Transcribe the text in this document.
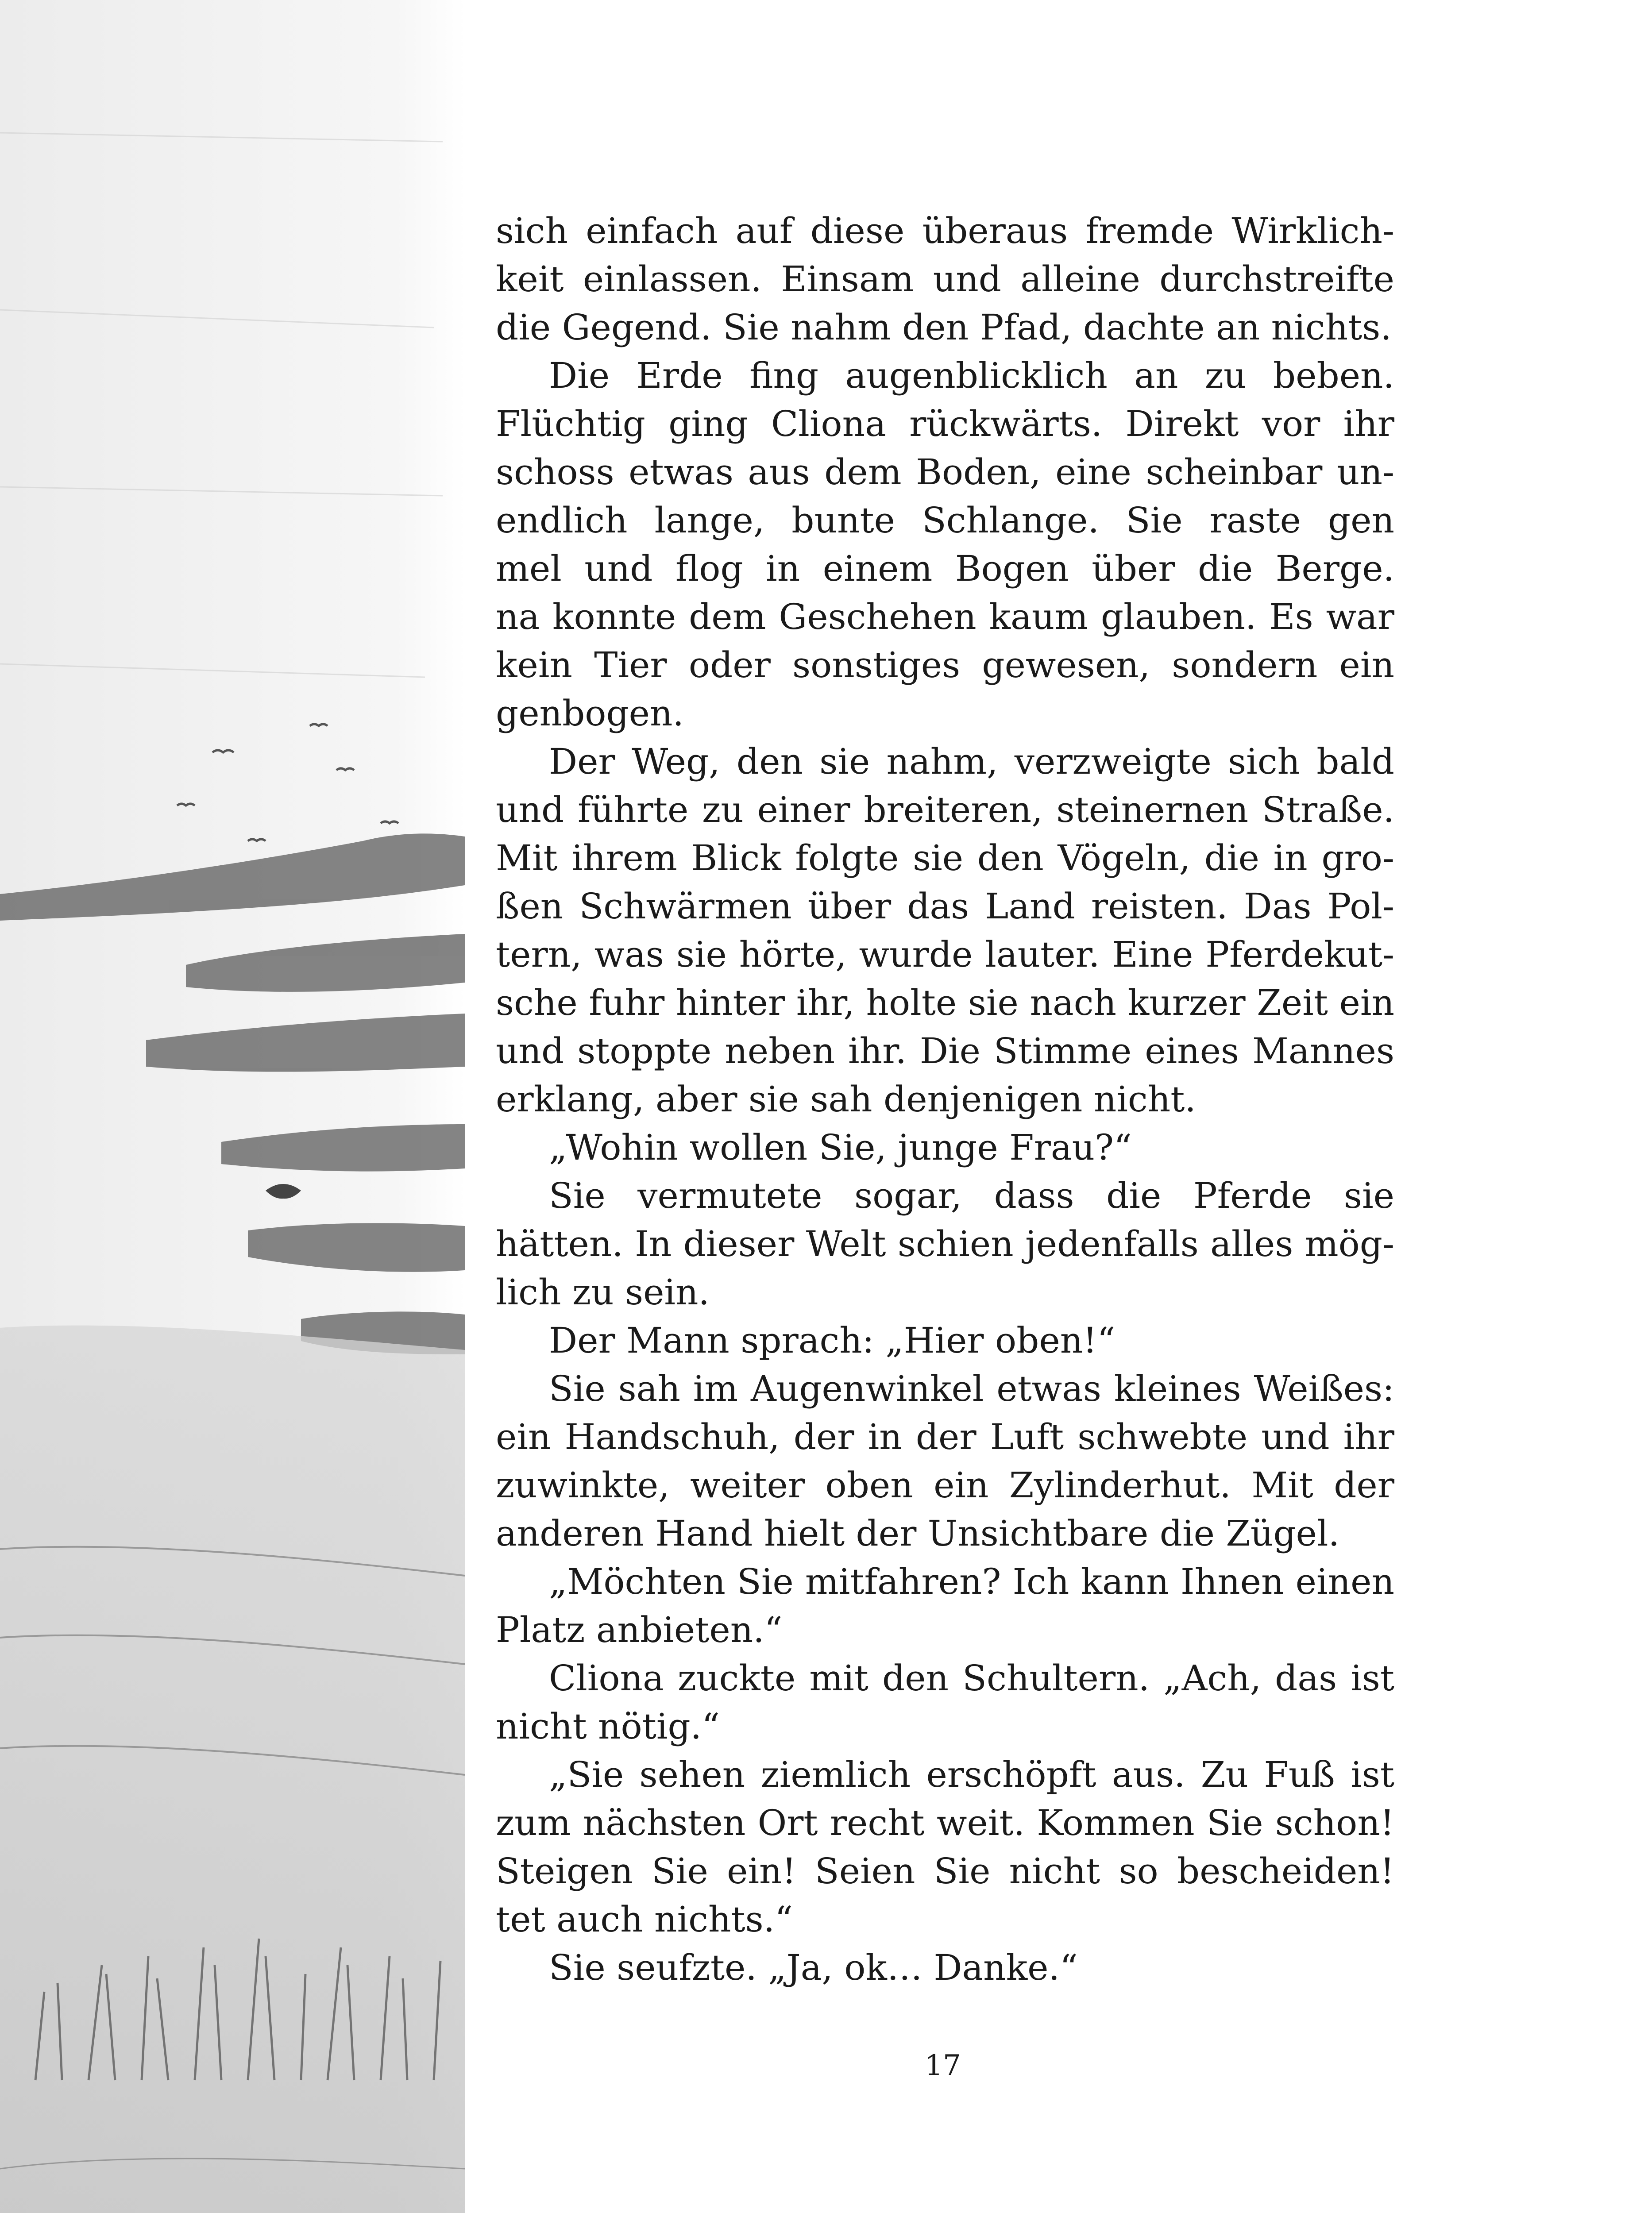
sich einfach auf diese überaus fremde Wirklich-
keit einlassen. Einsam und alleine durchstreifte
die Gegend. Sie nahm den Pfad, dachte an nichts.
Die Erde fing augenblicklich an zu beben.
Flüchtig ging Cliona rückwärts. Direkt vor ihr
schoss etwas aus dem Boden, eine scheinbar un-
endlich lange, bunte Schlange. Sie raste gen
mel und flog in einem Bogen über die Berge.
na konnte dem Geschehen kaum glauben. Es war
kein Tier oder sonstiges gewesen, sondern ein
genbogen.
Der Weg, den sie nahm, verzweigte sich bald
und führte zu einer breiteren, steinernen Straße.
Mit ihrem Blick folgte sie den Vögeln, die in gro-
ßen Schwärmen über das Land reisten. Das Pol-
tern, was sie hörte, wurde lauter. Eine Pferdekut-
sche fuhr hinter ihr, holte sie nach kurzer Zeit ein
und stoppte neben ihr. Die Stimme eines Mannes
erklang, aber sie sah denjenigen nicht.
„Wohin wollen Sie, junge Frau?“
Sie vermutete sogar, dass die Pferde sie
hätten. In dieser Welt schien jedenfalls alles mög-
lich zu sein.
Der Mann sprach: „Hier oben!“
Sie sah im Augenwinkel etwas kleines Weißes:
ein Handschuh, der in der Luft schwebte und ihr
zuwinkte, weiter oben ein Zylinderhut. Mit der
anderen Hand hielt der Unsichtbare die Zügel.
„Möchten Sie mitfahren? Ich kann Ihnen einen
Platz anbieten.“
Cliona zuckte mit den Schultern. „Ach, das ist
nicht nötig.“
„Sie sehen ziemlich erschöpft aus. Zu Fuß ist
zum nächsten Ort recht weit. Kommen Sie schon!
Steigen Sie ein! Seien Sie nicht so bescheiden!
tet auch nichts.“
Sie seufzte. „Ja, ok… Danke.“
17
